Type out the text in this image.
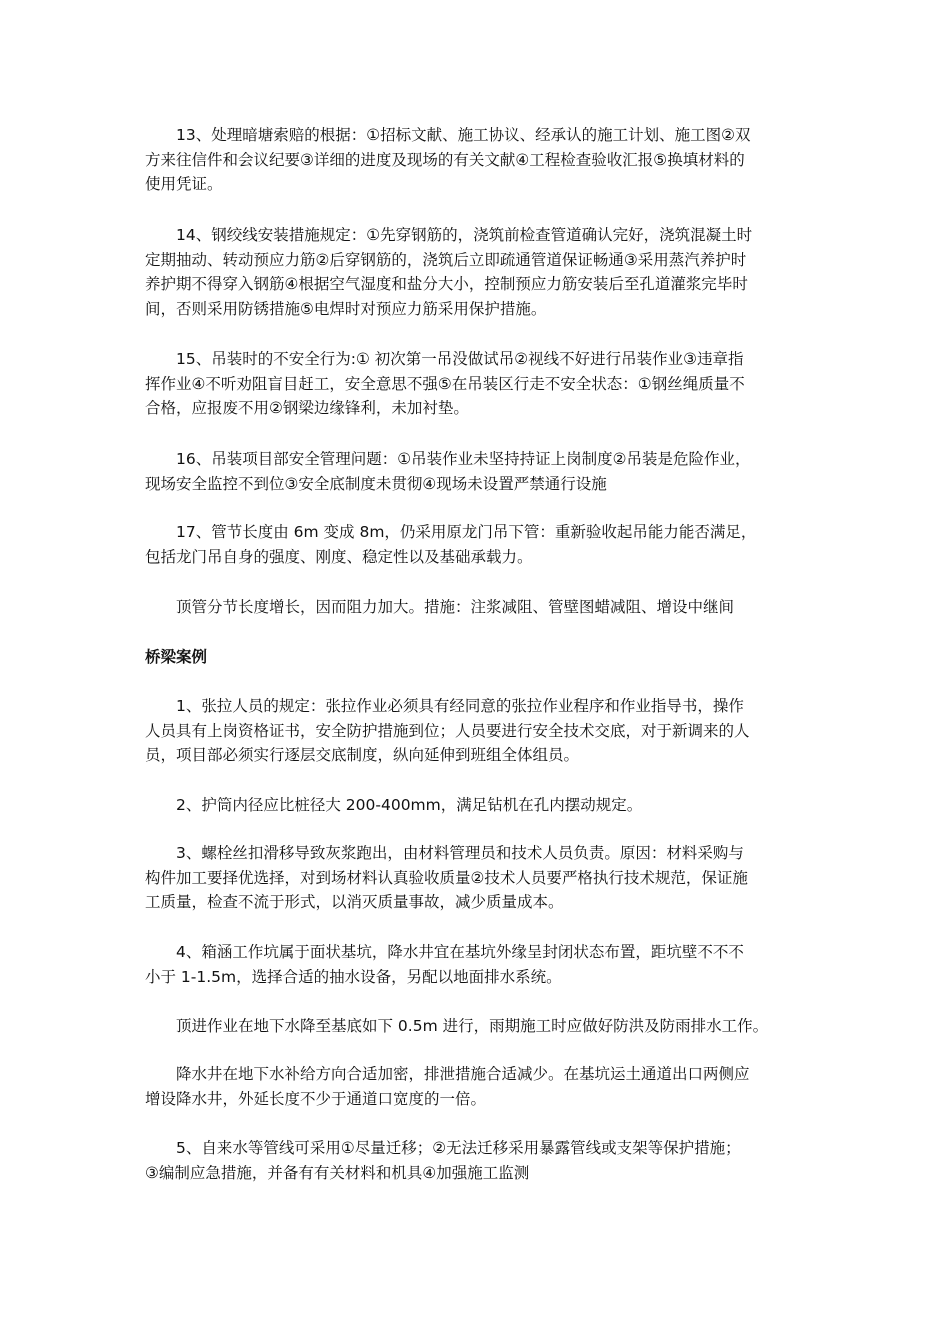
13、处理暗塘索赔的根据：①招标文献、施工协议、经承认的施工计划、施工图②双
方来往信件和会议纪要③详细的进度及现场的有关文献④工程检查验收汇报⑤换填材料的
使用凭证。

14、钢绞线安装措施规定：①先穿钢筋的，浇筑前检查管道确认完好，浇筑混凝土时
定期抽动、转动预应力筋②后穿钢筋的，浇筑后立即疏通管道保证畅通③采用蒸汽养护时
养护期不得穿入钢筋④根据空气湿度和盐分大小，控制预应力筋安装后至孔道灌浆完毕时
间，否则采用防锈措施⑤电焊时对预应力筋采用保护措施。

15、吊装时的不安全行为:① 初次第一吊没做试吊②视线不好进行吊装作业③违章指
挥作业④不听劝阻盲目赶工，安全意思不强⑤在吊装区行走不安全状态：①钢丝绳质量不
合格，应报废不用②钢梁边缘锋利，未加衬垫。

16、吊装项目部安全管理问题：①吊装作业未坚持持证上岗制度②吊装是危险作业，
现场安全监控不到位③安全底制度未贯彻④现场未设置严禁通行设施

17、管节长度由 6m 变成 8m，仍采用原龙门吊下管：重新验收起吊能力能否满足，
包括龙门吊自身的强度、刚度、稳定性以及基础承载力。

顶管分节长度增长，因而阻力加大。措施：注浆减阻、管壁图蜡减阻、增设中继间

桥梁案例

1、张拉人员的规定：张拉作业必须具有经同意的张拉作业程序和作业指导书，操作
人员具有上岗资格证书，安全防护措施到位；人员要进行安全技术交底，对于新调来的人
员，项目部必须实行逐层交底制度，纵向延伸到班组全体组员。

2、护筒内径应比桩径大 200-400mm，满足钻机在孔内摆动规定。

3、螺栓丝扣滑移导致灰浆跑出，由材料管理员和技术人员负责。原因：材料采购与
构件加工要择优选择，对到场材料认真验收质量②技术人员要严格执行技术规范，保证施
工质量，检查不流于形式，以消灭质量事故，减少质量成本。

4、箱涵工作坑属于面状基坑，降水井宜在基坑外缘呈封闭状态布置，距坑壁不不不
小于 1-1.5m，选择合适的抽水设备，另配以地面排水系统。

顶进作业在地下水降至基底如下 0.5m 进行，雨期施工时应做好防洪及防雨排水工作。

降水井在地下水补给方向合适加密，排泄措施合适减少。在基坑运土通道出口两侧应
增设降水井，外延长度不少于通道口宽度的一倍。

5、自来水等管线可采用①尽量迁移；②无法迁移采用暴露管线或支架等保护措施；
③编制应急措施，并备有有关材料和机具④加强施工监测
